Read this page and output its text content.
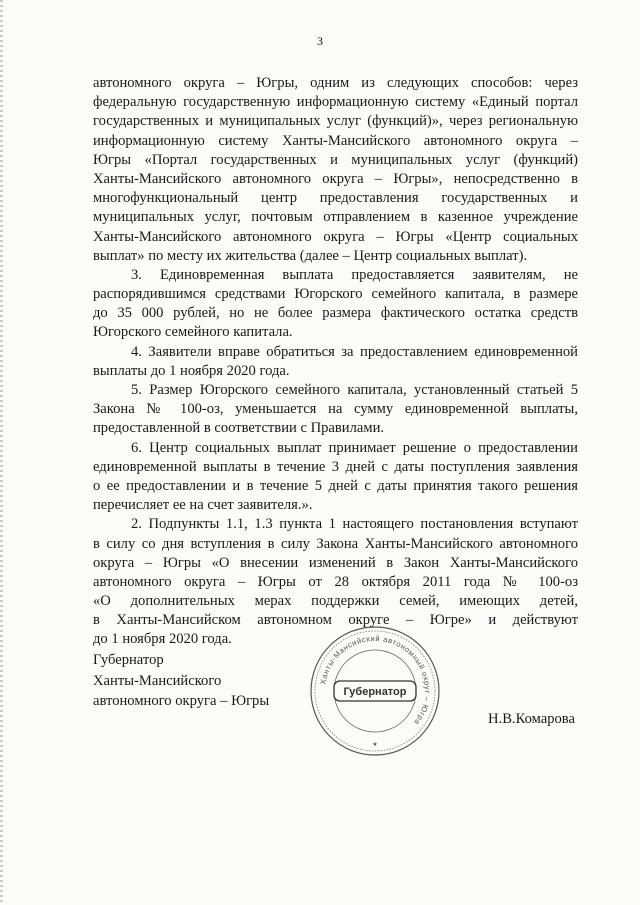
3
автономного округа – Югры, одним из следующих способов: через
федеральную государственную информационную систему «Единый портал
государственных и муниципальных услуг (функций)», через региональную
информационную систему Ханты-Мансийского автономного округа –
Югры «Портал государственных и муниципальных услуг (функций)
Ханты-Мансийского автономного округа – Югры», непосредственно в
многофункциональный центр предоставления государственных и
муниципальных услуг, почтовым отправлением в казенное учреждение
Ханты-Мансийского автономного округа – Югры «Центр социальных
выплат» по месту их жительства (далее – Центр социальных выплат).
3. Единовременная выплата предоставляется заявителям, не
распорядившимся средствами Югорского семейного капитала, в размере
до 35 000 рублей, но не более размера фактического остатка средств
Югорского семейного капитала.
4. Заявители вправе обратиться за предоставлением единовременной
выплаты до 1 ноября 2020 года.
5. Размер Югорского семейного капитала, установленный статьей 5
Закона № 100-оз, уменьшается на сумму единовременной выплаты,
предоставленной в соответствии с Правилами.
6. Центр социальных выплат принимает решение о предоставлении
единовременной выплаты в течение 3 дней с даты поступления заявления
о ее предоставлении и в течение 5 дней с даты принятия такого решения
перечисляет ее на счет заявителя.».
2. Подпункты 1.1, 1.3 пункта 1 настоящего постановления вступают
в силу со дня вступления в силу Закона Ханты-Мансийского автономного
округа – Югры «О внесении изменений в Закон Ханты-Мансийского
автономного округа – Югры от 28 октября 2011 года № 100-оз
«О дополнительных мерах поддержки семей, имеющих детей,
в Ханты-Мансийском автономном округе – Югре» и действуют
до 1 ноября 2020 года.
Губернатор
Ханты-Мансийского
автономного округа – Югры
Ханты-Мансийский автономный округ – Югра
Губернатор
★
Н.В.Комарова
